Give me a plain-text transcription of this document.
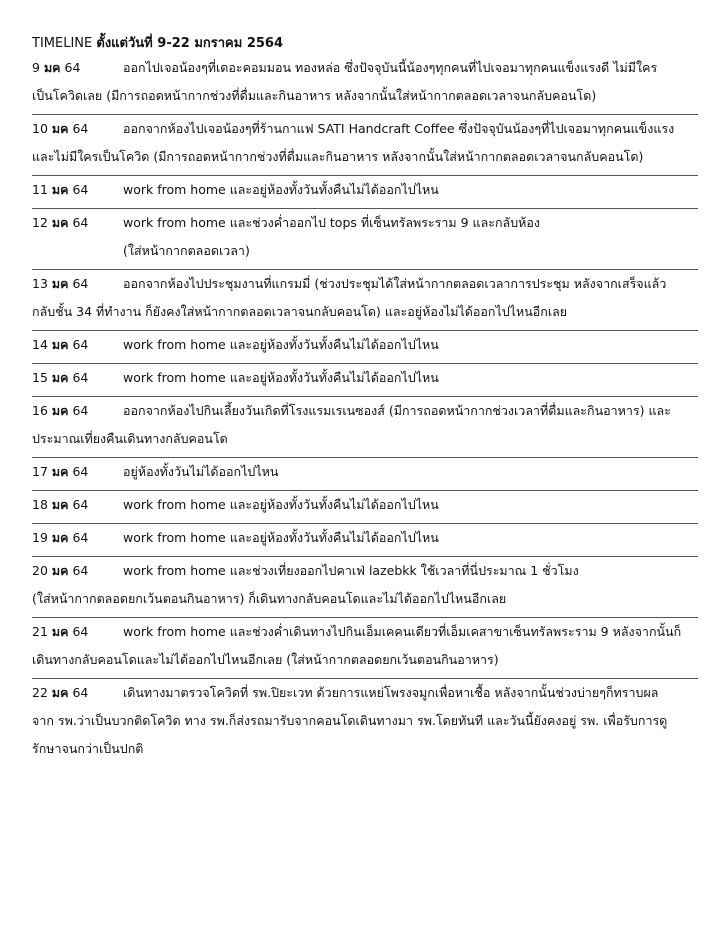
TIMELINE ตั้งแต่วันที่ 9-22 มกราคม 2564
9 มค 64	ออกไปเจอน้องๆที่เดอะคอมมอน ทองหล่อ ซึ่งปัจจุบันนี้น้องๆทุกคนที่ไปเจอมาทุกคนแข็งแรงดี ไม่มีใคร
เป็นโควิดเลย (มีการถอดหน้ากากช่วงที่ดื่มและกินอาหาร หลังจากนั้นใส่หน้ากากตลอดเวลาจนกลับคอนโด)
10 มค 64	ออกจากห้องไปเจอน้องๆที่ร้านกาแฟ SATI Handcraft Coffee ซึ่งปัจจุบันน้องๆที่ไปเจอมาทุกคนแข็งแรง
และไม่มีใครเป็นโควิด (มีการถอดหน้ากากช่วงที่ดื่มและกินอาหาร หลังจากนั้นใส่หน้ากากตลอดเวลาจนกลับคอนโด)
11 มค 64	work from home และอยู่ห้องทั้งวันทั้งคืนไม่ได้ออกไปไหน
12 มค 64	work from home และช่วงค่ำออกไป tops ที่เซ็นทรัลพระราม 9 และกลับห้อง
(ใส่หน้ากากตลอดเวลา)
13 มค 64	ออกจากห้องไปประชุมงานที่แกรมมี่ (ช่วงประชุมได้ใส่หน้ากากตลอดเวลาการประชุม หลังจากเสร็จแล้ว
กลับชั้น 34 ที่ทำงาน ก็ยังคงใส่หน้ากากตลอดเวลาจนกลับคอนโด) และอยู่ห้องไม่ได้ออกไปไหนอีกเลย
14 มค 64	work from home และอยู่ห้องทั้งวันทั้งคืนไม่ได้ออกไปไหน
15 มค 64	work from home และอยู่ห้องทั้งวันทั้งคืนไม่ได้ออกไปไหน
16 มค 64	ออกจากห้องไปกินเลี้ยงวันเกิดที่โรงแรมเรเนซองส์ (มีการถอดหน้ากากช่วงเวลาที่ดื่มและกินอาหาร) และ
ประมาณเที่ยงคืนเดินทางกลับคอนโด
17 มค 64	อยู่ห้องทั้งวันไม่ได้ออกไปไหน
18 มค 64	work from home และอยู่ห้องทั้งวันทั้งคืนไม่ได้ออกไปไหน
19 มค 64	work from home และอยู่ห้องทั้งวันทั้งคืนไม่ได้ออกไปไหน
20 มค 64	work from home และช่วงเที่ยงออกไปคาเฟ่ lazebkk ใช้เวลาที่นี่ประมาณ 1 ชั่วโมง
(ใส่หน้ากากตลอดยกเว้นตอนกินอาหาร) ก็เดินทางกลับคอนโดและไม่ได้ออกไปไหนอีกเลย
21 มค 64	work from home และช่วงค่ำเดินทางไปกินเอ็มเคคนเดียวที่เอ็มเคสาขาเซ็นทรัลพระราม 9 หลังจากนั้นก็
เดินทางกลับคอนโดและไม่ได้ออกไปไหนอีกเลย (ใส่หน้ากากตลอดยกเว้นตอนกินอาหาร)
22 มค 64	เดินทางมาตรวจโควิดที่ รพ.ปิยะเวท ด้วยการแหย่โพรงจมูกเพื่อหาเชื้อ หลังจากนั้นช่วงบ่ายๆก็ทราบผล
จาก รพ.ว่าเป็นบวกติดโควิด ทาง รพ.ก็ส่งรถมารับจากคอนโดเดินทางมา รพ.โดยทันที และวันนี้ยังคงอยู่ รพ. เพื่อรับการดู
รักษาจนกว่าเป็นปกติ
